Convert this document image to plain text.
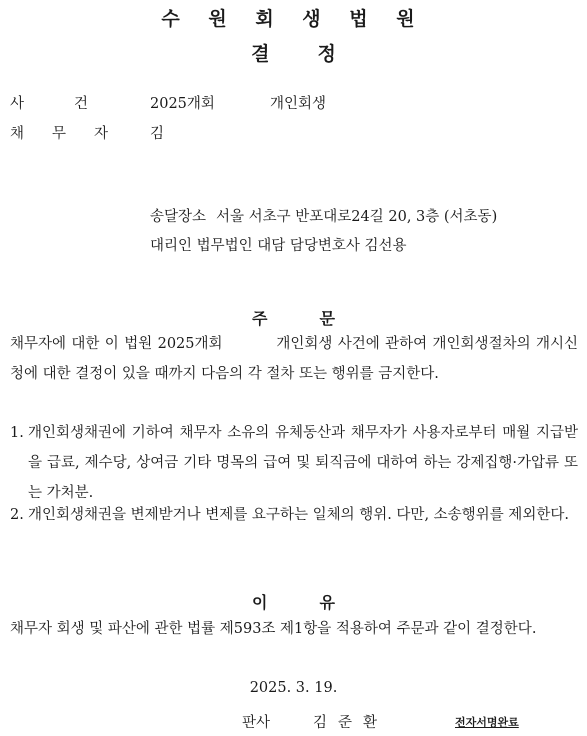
수 원 회 생 법 원
결	정
사	건	2025개회	개인회생
채 무 자	김
송달장소 서울 서초구 반포대로24길 20, 3층 (서초동)
대리인 법무법인 대담 담당변호사 김선용
주	문
채무자에 대한 이 법원 2025개회          개인회생 사건에 관하여 개인회생절차의 개시신청에 대한 결정이 있을 때까지 다음의 각 절차 또는 행위를 금지한다.
1. 개인회생채권에 기하여 채무자 소유의 유체동산과 채무자가 사용자로부터 매월 지급받을 급료, 제수당, 상여금 기타 명목의 급여 및 퇴직금에 대하여 하는 강제집행·가압류 또는 가처분.
2. 개인회생채권을 변제받거나 변제를 요구하는 일체의 행위. 다만, 소송행위를 제외한다.
이	유
채무자 회생 및 파산에 관한 법률 제593조 제1항을 적용하여 주문과 같이 결정한다.
2025. 3. 19.
판사	김준환	전자서명완료
